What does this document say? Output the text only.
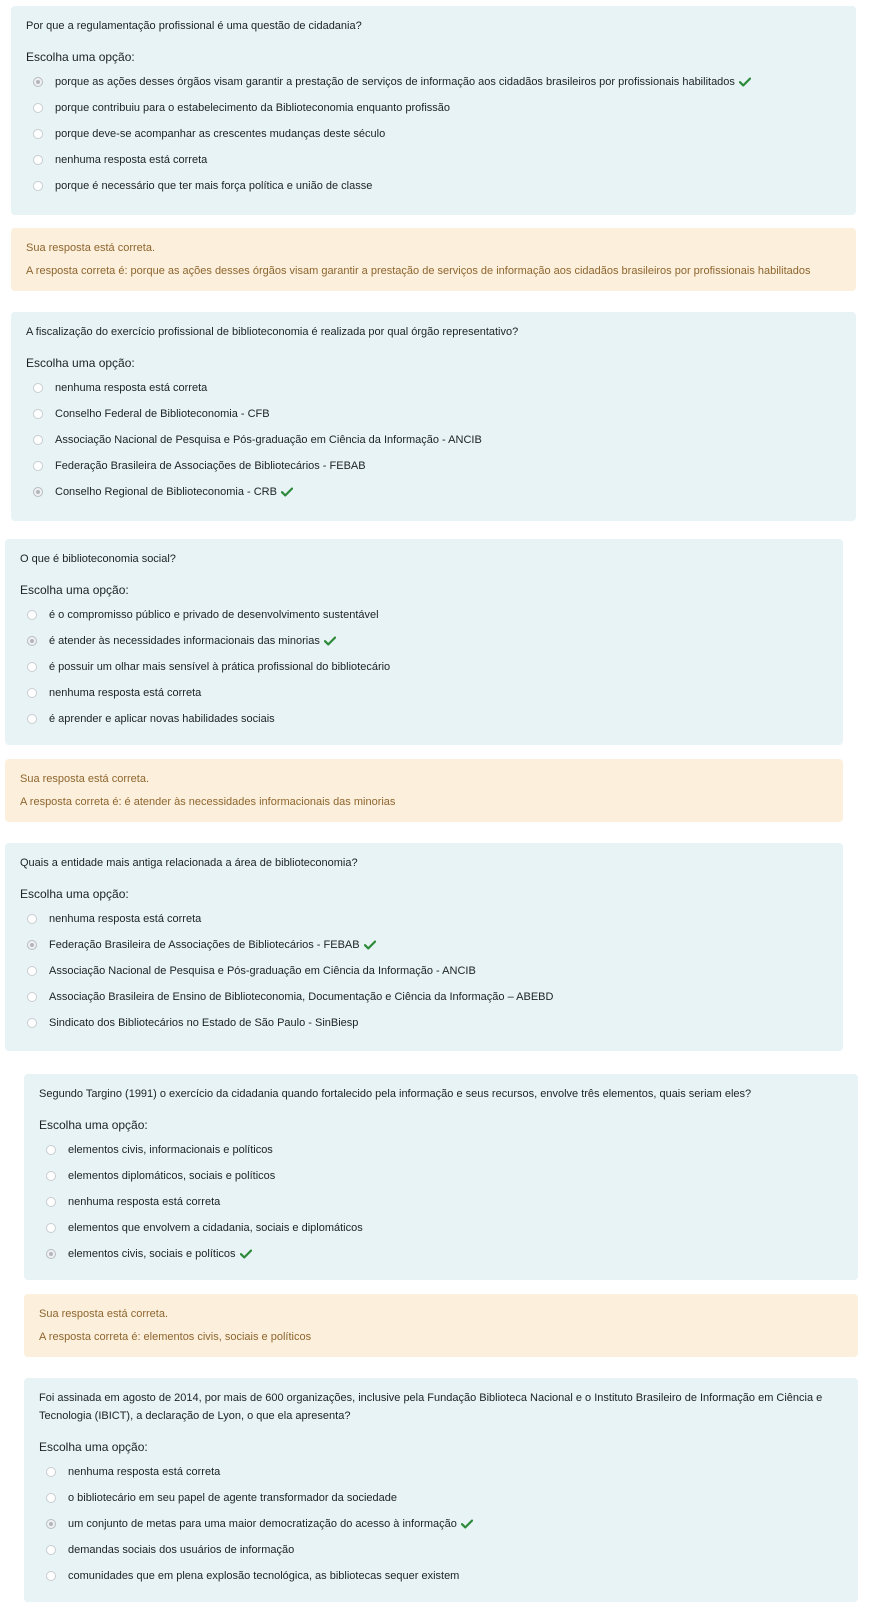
Por que a regulamentação profissional é uma questão de cidadania?

Escolha uma opção:
porque as ações desses órgãos visam garantir a prestação de serviços de informação aos cidadãos brasileiros por profissionais habilitados
porque contribuiu para o estabelecimento da Biblioteconomia enquanto profissão
porque deve-se acompanhar as crescentes mudanças deste século
nenhuma resposta está correta
porque é necessário que ter mais força política e união de classe

Sua resposta está correta.

A resposta correta é: porque as ações desses órgãos visam garantir a prestação de serviços de informação aos cidadãos brasileiros por profissionais habilitados

A fiscalização do exercício profissional de biblioteconomia é realizada por qual órgão representativo?

Escolha uma opção:
nenhuma resposta está correta
Conselho Federal de Biblioteconomia - CFB
Associação Nacional de Pesquisa e Pós-graduação em Ciência da Informação - ANCIB
Federação Brasileira de Associações de Bibliotecários - FEBAB
Conselho Regional de Biblioteconomia - CRB

O que é biblioteconomia social?

Escolha uma opção:
é o compromisso público e privado de desenvolvimento sustentável
é atender às necessidades informacionais das minorias
é possuir um olhar mais sensível à prática profissional do bibliotecário
nenhuma resposta está correta
é aprender e aplicar novas habilidades sociais

Sua resposta está correta.

A resposta correta é: é atender às necessidades informacionais das minorias

Quais a entidade mais antiga relacionada a área de biblioteconomia?

Escolha uma opção:
nenhuma resposta está correta
Federação Brasileira de Associações de Bibliotecários - FEBAB
Associação Nacional de Pesquisa e Pós-graduação em Ciência da Informação - ANCIB
Associação Brasileira de Ensino de Biblioteconomia, Documentação e Ciência da Informação – ABEBD
Sindicato dos Bibliotecários no Estado de São Paulo - SinBiesp

Segundo Targino (1991) o exercício da cidadania quando fortalecido pela informação e seus recursos, envolve três elementos, quais seriam eles?

Escolha uma opção:
elementos civis, informacionais e políticos
elementos diplomáticos, sociais e políticos
nenhuma resposta está correta
elementos que envolvem a cidadania, sociais e diplomáticos
elementos civis, sociais e políticos

Sua resposta está correta.

A resposta correta é: elementos civis, sociais e políticos

Foi assinada em agosto de 2014, por mais de 600 organizações, inclusive pela Fundação Biblioteca Nacional e o Instituto Brasileiro de Informação em Ciência e Tecnologia (IBICT), a declaração de Lyon, o que ela apresenta?

Escolha uma opção:
nenhuma resposta está correta
o bibliotecário em seu papel de agente transformador da sociedade
um conjunto de metas para uma maior democratização do acesso à informação
demandas sociais dos usuários de informação
comunidades que em plena explosão tecnológica, as bibliotecas sequer existem
